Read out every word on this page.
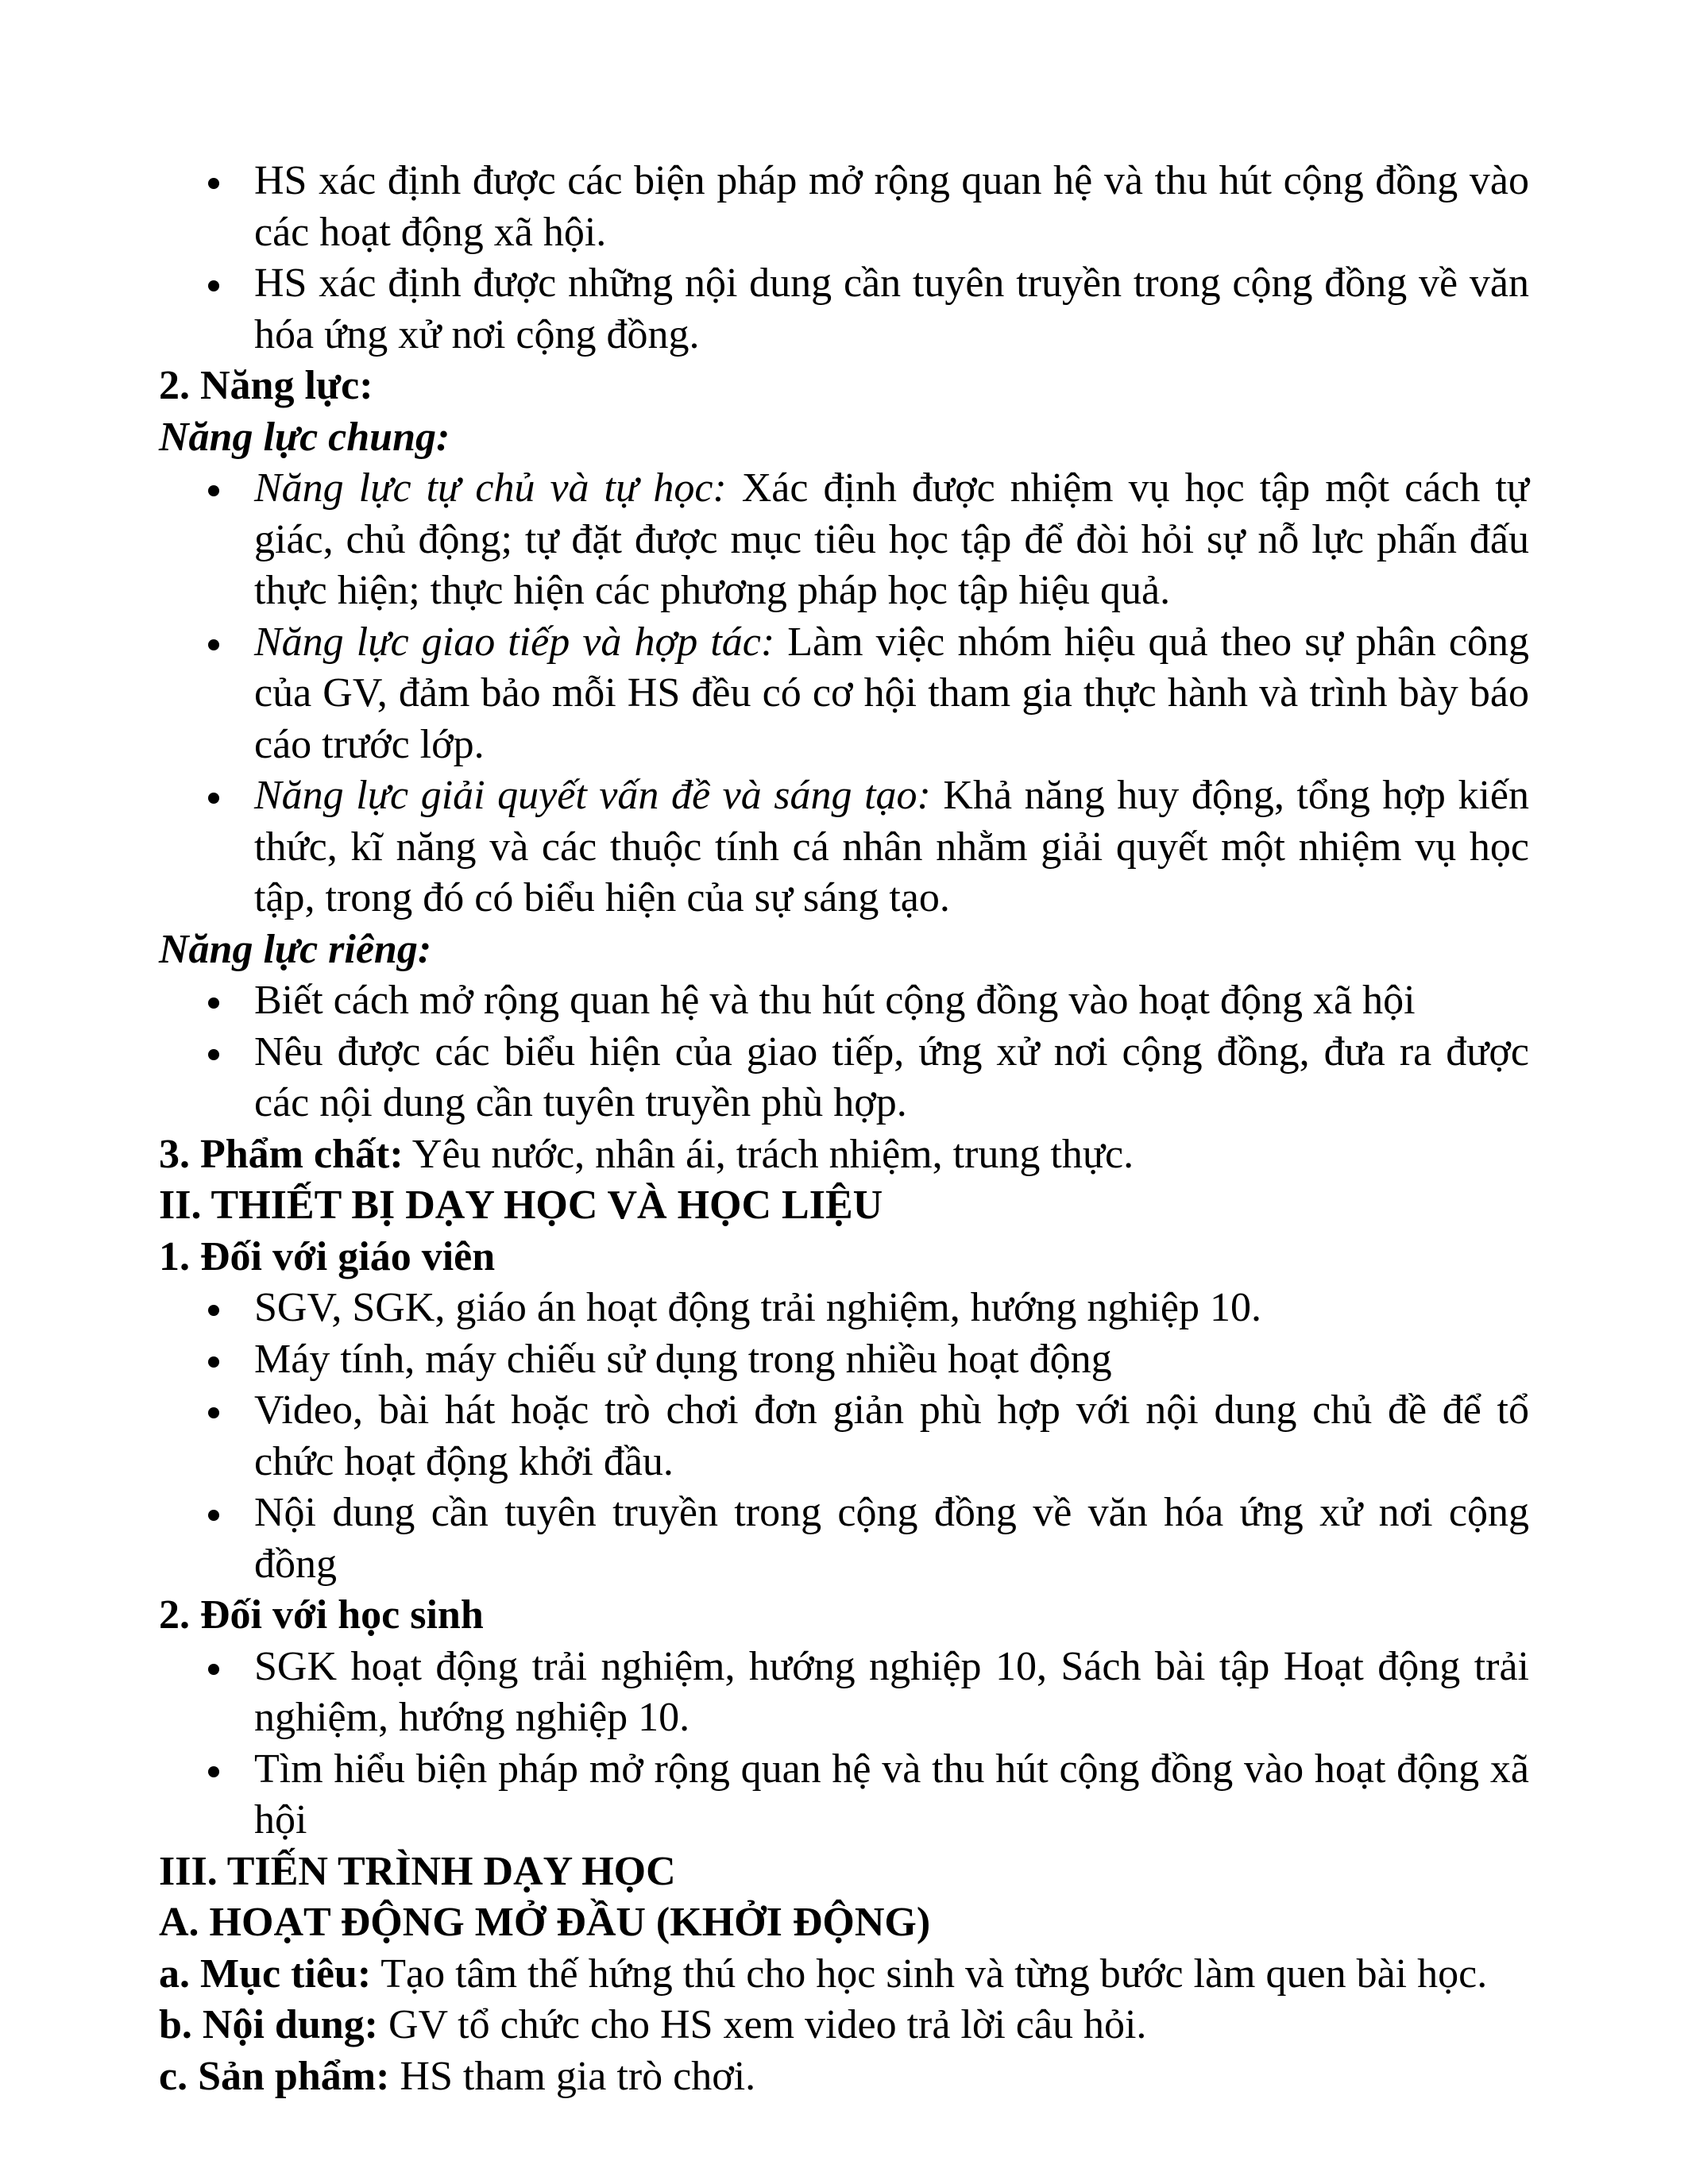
HS xác định được các biện pháp mở rộng quan hệ và thu hút cộng đồng vào các hoạt động xã hội.
HS xác định được những nội dung cần tuyên truyền trong cộng đồng về văn hóa ứng xử nơi cộng đồng.
2. Năng lực:
Năng lực chung:
Năng lực tự chủ và tự học: Xác định được nhiệm vụ học tập một cách tự giác, chủ động; tự đặt được mục tiêu học tập để đòi hỏi sự nỗ lực phấn đấu thực hiện; thực hiện các phương pháp học tập hiệu quả.
Năng lực giao tiếp và hợp tác: Làm việc nhóm hiệu quả theo sự phân công của GV, đảm bảo mỗi HS đều có cơ hội tham gia thực hành và trình bày báo cáo trước lớp.
Năng lực giải quyết vấn đề và sáng tạo: Khả năng huy động, tổng hợp kiến thức, kĩ năng và các thuộc tính cá nhân nhằm giải quyết một nhiệm vụ học tập, trong đó có biểu hiện của sự sáng tạo.
Năng lực riêng:
Biết cách mở rộng quan hệ và thu hút cộng đồng vào hoạt động xã hội
Nêu được các biểu hiện của giao tiếp, ứng xử nơi cộng đồng, đưa ra được các nội dung cần tuyên truyền phù hợp.
3. Phẩm chất: Yêu nước, nhân ái, trách nhiệm, trung thực.
II. THIẾT BỊ DẠY HỌC VÀ HỌC LIỆU
1. Đối với giáo viên
SGV, SGK, giáo án hoạt động trải nghiệm, hướng nghiệp 10.
Máy tính, máy chiếu sử dụng trong nhiều hoạt động
Video, bài hát hoặc trò chơi đơn giản phù hợp với nội dung chủ đề để tổ chức hoạt động khởi đầu.
Nội dung cần tuyên truyền trong cộng đồng về văn hóa ứng xử nơi cộng đồng
2. Đối với học sinh
SGK hoạt động trải nghiệm, hướng nghiệp 10, Sách bài tập Hoạt động trải nghiệm, hướng nghiệp 10.
Tìm hiểu biện pháp mở rộng quan hệ và thu hút cộng đồng vào hoạt động xã hội
III. TIẾN TRÌNH DẠY HỌC
A. HOẠT ĐỘNG MỞ ĐẦU (KHỞI ĐỘNG)
a. Mục tiêu: Tạo tâm thế hứng thú cho học sinh và từng bước làm quen bài học.
b. Nội dung: GV tổ chức cho HS xem video trả lời câu hỏi.
c. Sản phẩm: HS tham gia trò chơi.
